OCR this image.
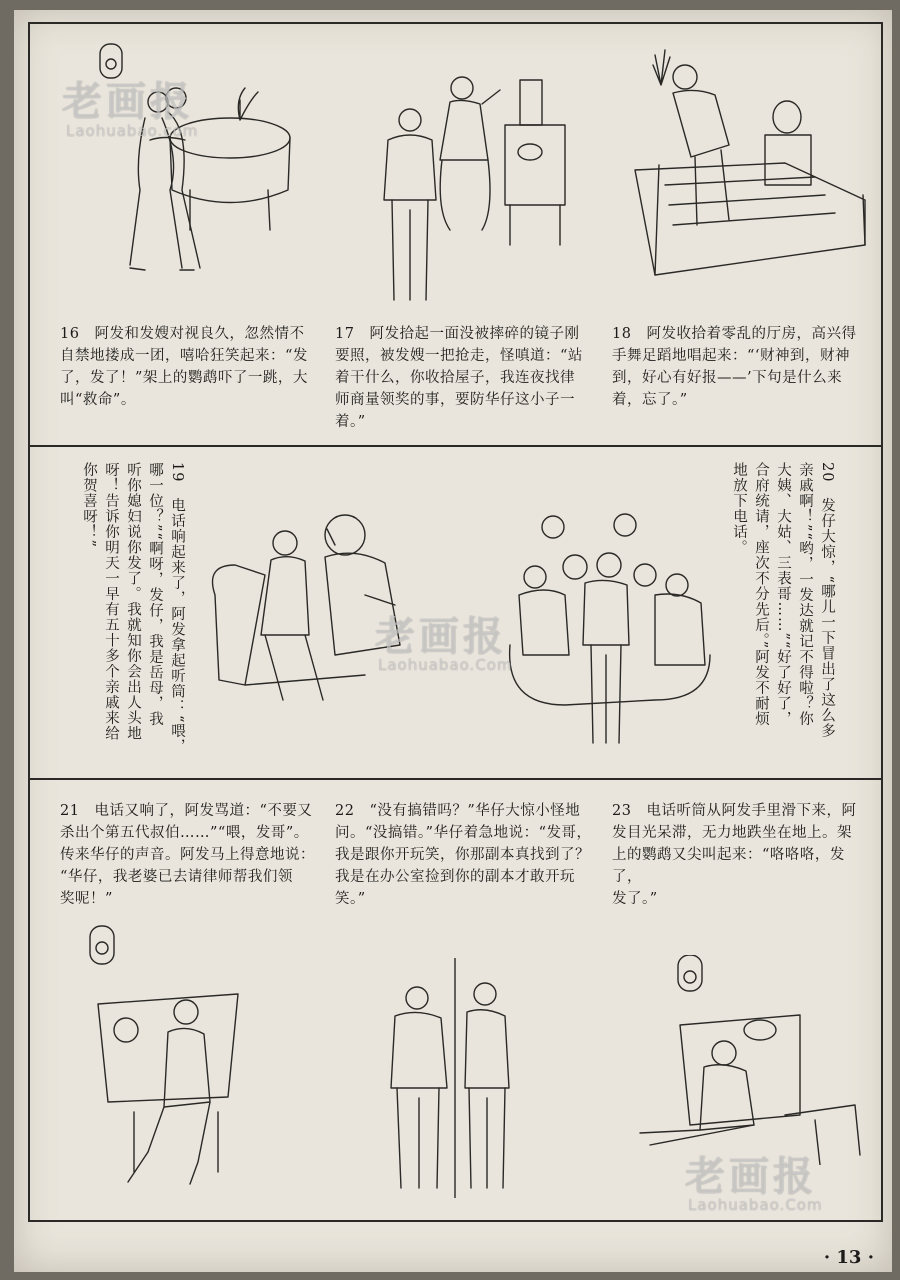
16　阿发和发嫂对视良久，忽然情不
自禁地搂成一团，嘻哈狂笑起来：“发
了，发了！”架上的鹦鹉吓了一跳，大
叫“救命”。
17　阿发拾起一面没被摔碎的镜子刚
要照，被发嫂一把抢走，怪嗔道：“站
着干什么，你收拾屋子，我连夜找律
师商量领奖的事，要防华仔这小子一
着。”
18　阿发收拾着零乱的厅房，高兴得
手舞足蹈地唱起来：“‘财神到，财神
到，好心有好报——’下句是什么来
着，忘了。”
19　电话响起来了，阿发拿起听筒：“喂，
哪一位？”“啊呀，发仔，我是岳母，我
听你媳妇说你发了。我就知你会出人头地
呀！告诉你明天一早有五十多个亲戚来给
你贺喜呀！”	20　发仔大惊，“哪儿一下冒出了这么多
亲戚啊！”“哟，一发达就记不得啦？你
大姨、大姑、三表哥……”“好了好了，
合府统请，座次不分先后。”阿发不耐烦
地放下电话。
21　电话又响了，阿发骂道：“不要又
杀出个第五代叔伯……”“喂，发哥”。
传来华仔的声音。阿发马上得意地说：
“华仔，我老婆已去请律师帮我们领
奖呢！”
22　“没有搞错吗？”华仔大惊小怪地
问。“没搞错。”华仔着急地说：“发哥，
我是跟你开玩笑，你那副本真找到了？
我是在办公室捡到你的副本才敢开玩
笑。”
23　电话听筒从阿发手里滑下来，阿
发目光呆滞，无力地跌坐在地上。架
上的鹦鹉又尖叫起来：“咯咯咯，发了，
发了。”
老画报
Laohuabao.com
老画报
Laohuabao.Com
老画报
Laohuabao.Com
· 13 ·
